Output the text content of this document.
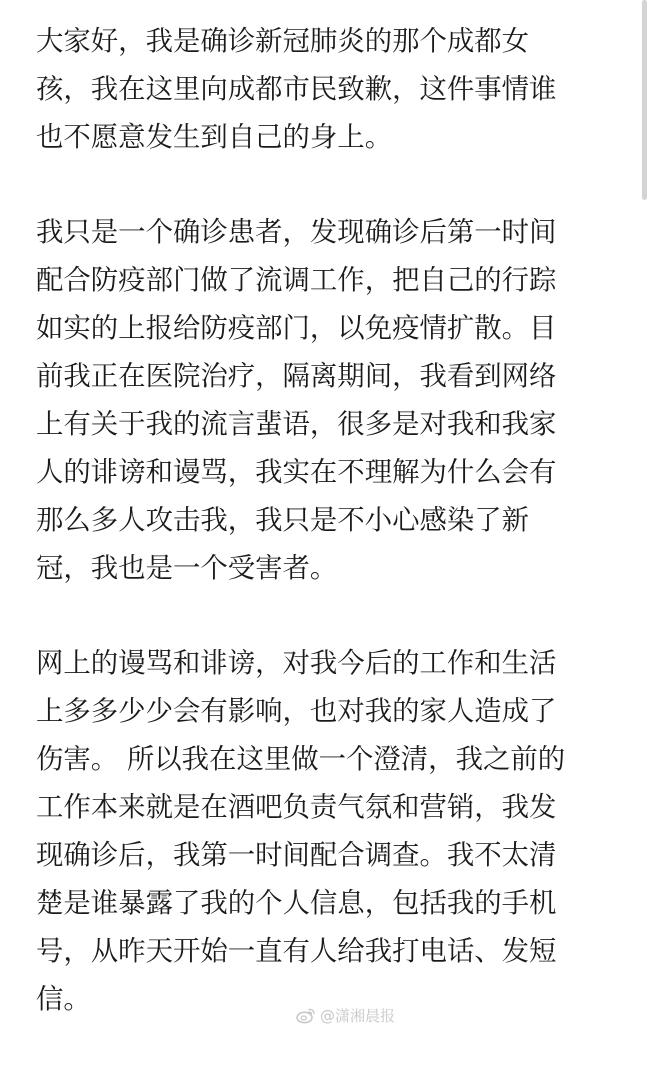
大家好，我是确诊新冠肺炎的那个成都女
孩，我在这里向成都市民致歉，这件事情谁
也不愿意发生到自己的身上。
我只是一个确诊患者，发现确诊后第一时间
配合防疫部门做了流调工作，把自己的行踪
如实的上报给防疫部门，以免疫情扩散。目
前我正在医院治疗，隔离期间，我看到网络
上有关于我的流言蜚语，很多是对我和我家
人的诽谤和谩骂，我实在不理解为什么会有
那么多人攻击我，我只是不小心感染了新
冠，我也是一个受害者。
网上的谩骂和诽谤，对我今后的工作和生活
上多多少少会有影响，也对我的家人造成了
伤害。 所以我在这里做一个澄清，我之前的
工作本来就是在酒吧负责气氛和营销，我发
现确诊后，我第一时间配合调查。我不太清
楚是谁暴露了我的个人信息，包括我的手机
号，从昨天开始一直有人给我打电话、发短
信。
@潇湘晨报
